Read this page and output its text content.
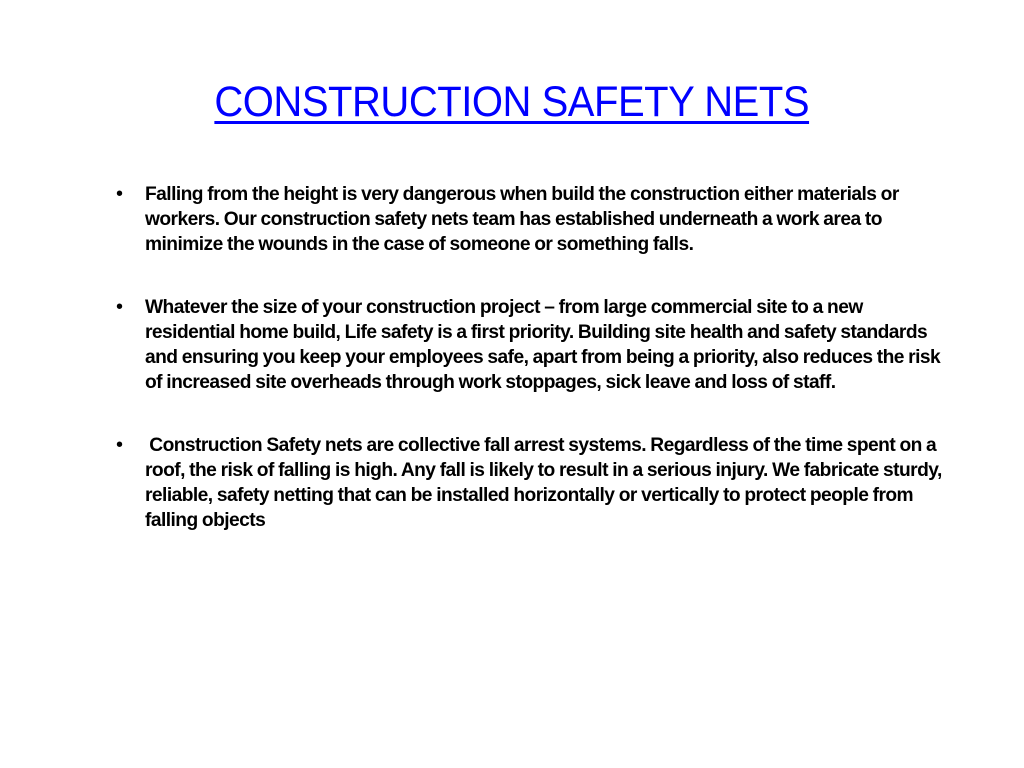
CONSTRUCTION SAFETY NETS
• Falling from the height is very dangerous when build the construction either materials or workers. Our construction safety nets team has established underneath a work area to minimize the wounds in the case of someone or something falls.
• Whatever the size of your construction project – from large commercial site to a new residential home build, Life safety is a first priority. Building site health and safety standards and ensuring you keep your employees safe, apart from being a priority, also reduces the risk of increased site overheads through work stoppages, sick leave and loss of staff.
• Construction Safety nets are collective fall arrest systems. Regardless of the time spent on a roof, the risk of falling is high. Any fall is likely to result in a serious injury. We fabricate sturdy, reliable, safety netting that can be installed horizontally or vertically to protect people from falling objects
